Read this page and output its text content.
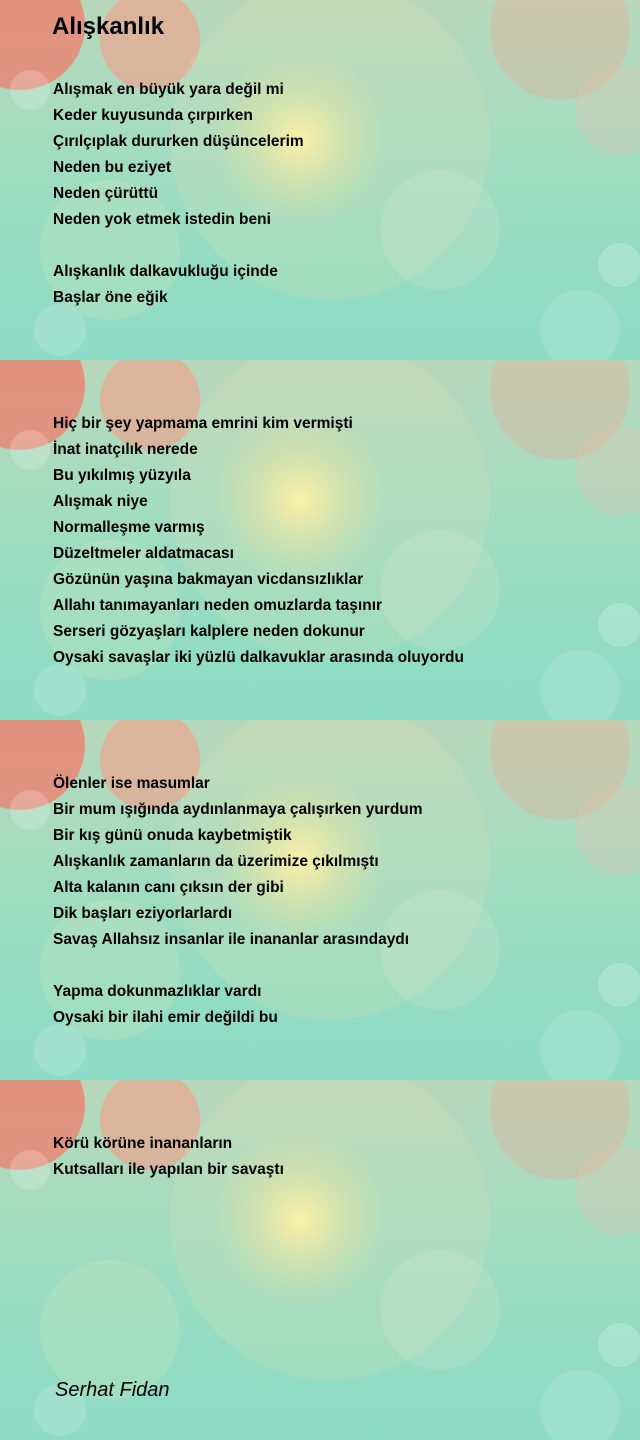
Alışkanlık

Alışmak en büyük yara değil mi
Keder kuyusunda çırpırken
Çırılçıplak dururken düşüncelerim
Neden bu eziyet
Neden çürüttü
Neden yok etmek istedin beni

Alışkanlık dalkavukluğu içinde
Başlar öne eğik

Hiç bir şey yapmama emrini kim vermişti
İnat inatçılık nerede
Bu yıkılmış yüzyıla
Alışmak niye
Normalleşme varmış
Düzeltmeler aldatmacası
Gözünün yaşına bakmayan vicdansızlıklar
Allahı tanımayanları neden omuzlarda taşınır
Serseri gözyaşları kalplere neden dokunur
Oysaki savaşlar iki yüzlü dalkavuklar arasında oluyordu

Ölenler ise masumlar
Bir mum ışığında aydınlanmaya çalışırken yurdum
Bir kış günü onuda kaybetmiştik
Alışkanlık zamanların da üzerimize çıkılmıştı
Alta kalanın canı çıksın der gibi
Dik başları eziyorlarlardı
Savaş Allahsız insanlar ile inananlar arasındaydı

Yapma dokunmazlıklar vardı
Oysaki bir ilahi emir değildi bu

Körü körüne inananların
Kutsalları ile yapılan bir savaştı

Serhat Fidan
